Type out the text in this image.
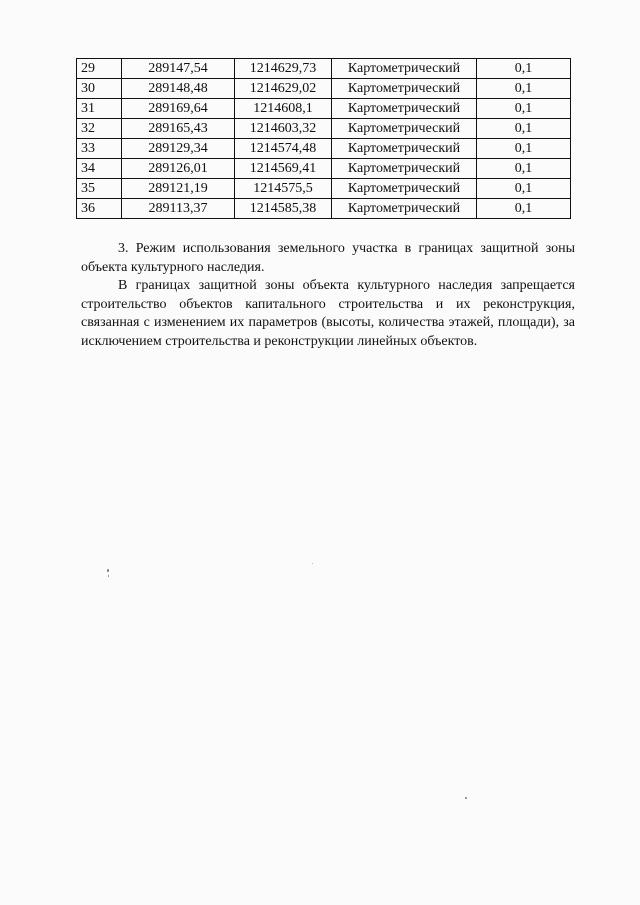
29	289147,54	1214629,73	Картометрический	0,1
30	289148,48	1214629,02	Картометрический	0,1
31	289169,64	1214608,1	Картометрический	0,1
32	289165,43	1214603,32	Картометрический	0,1
33	289129,34	1214574,48	Картометрический	0,1
34	289126,01	1214569,41	Картометрический	0,1
35	289121,19	1214575,5	Картометрический	0,1
36	289113,37	1214585,38	Картометрический	0,1

3. Режим использования земельного участка в границах защитной зоны объекта культурного наследия.

В границах защитной зоны объекта культурного наследия запрещается строительство объектов капитального строительства и их реконструкция, связанная с изменением их параметров (высоты, количества этажей, площади), за исключением строительства и реконструкции линейных объектов.
